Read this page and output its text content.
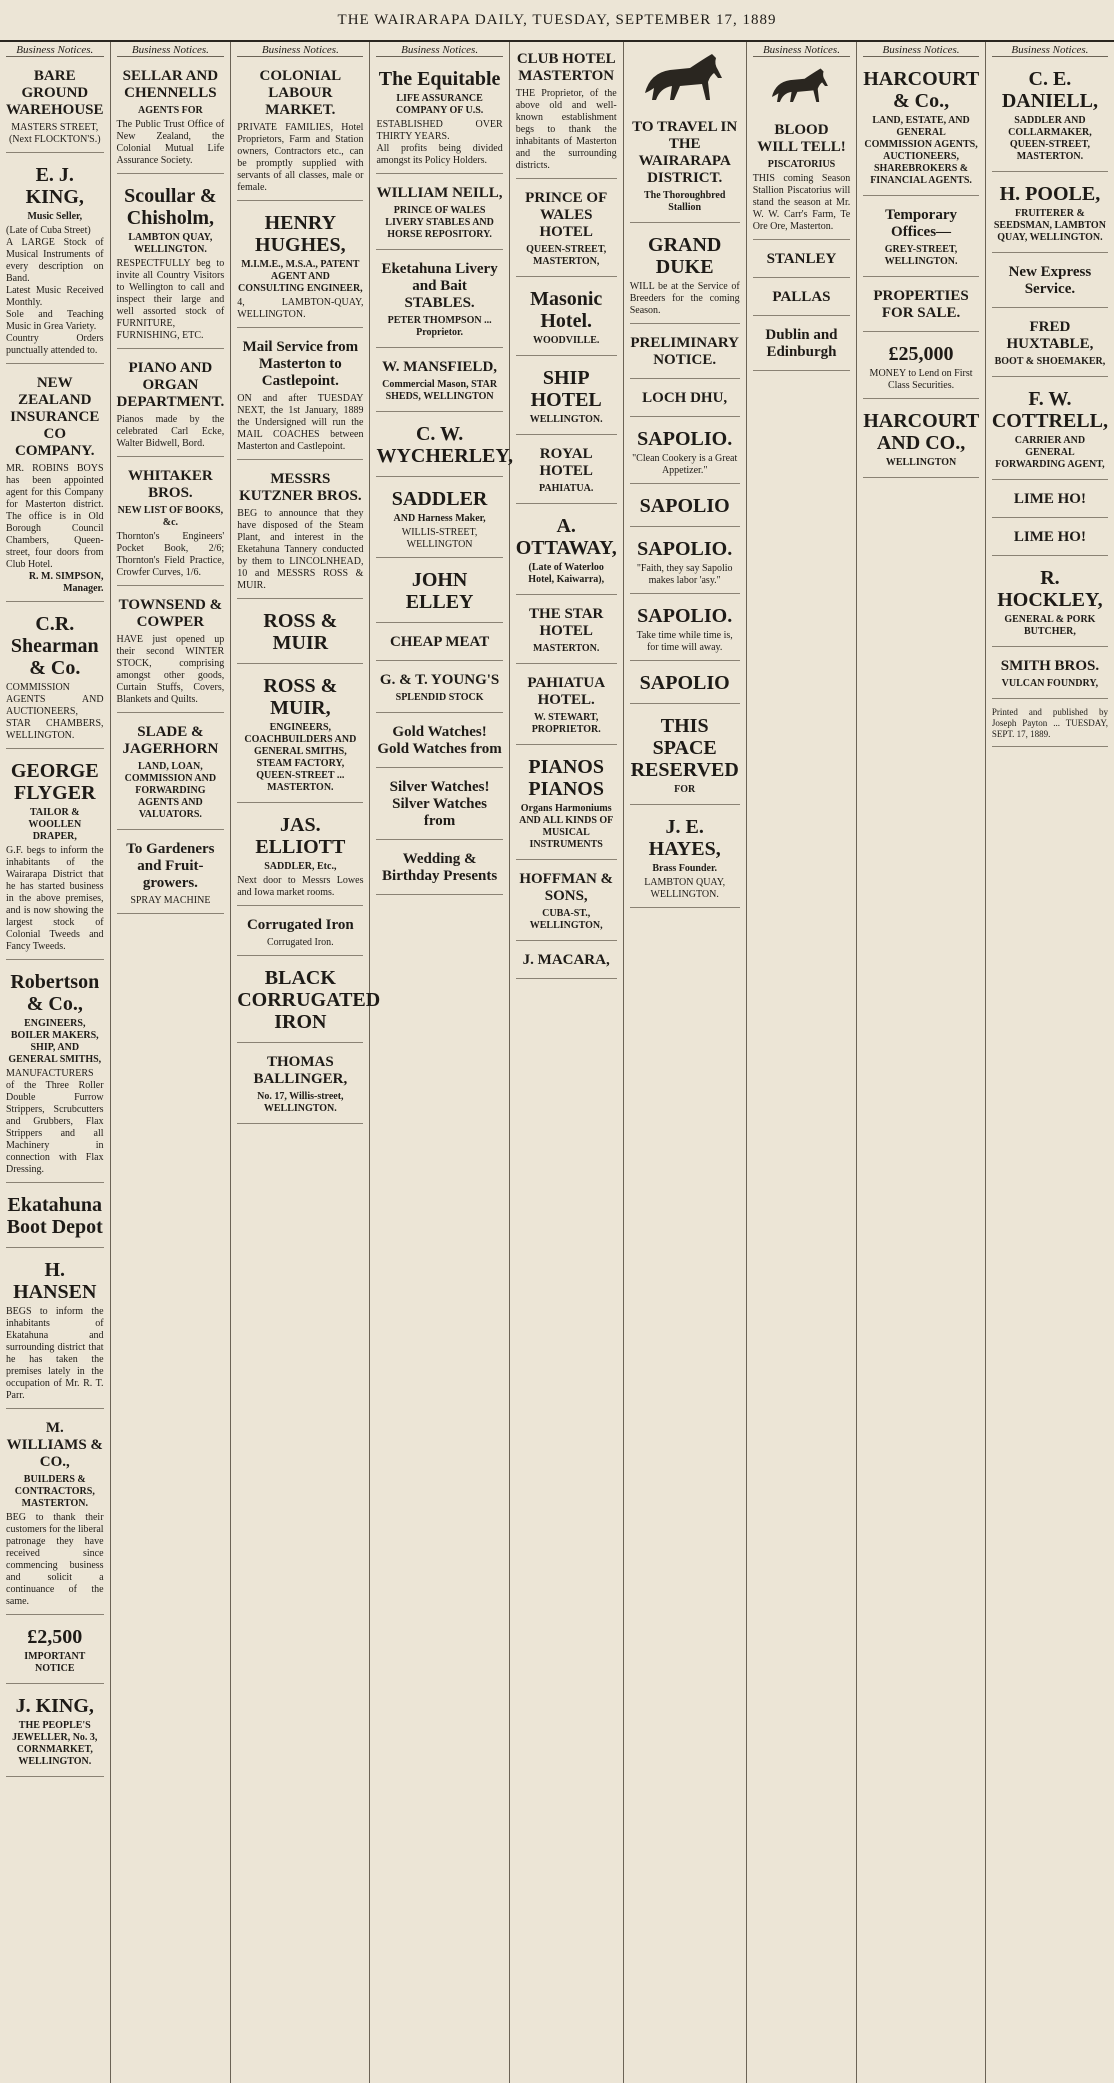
THE WAIRARAPA DAILY, TUESDAY, SEPTEMBER 17, 1889
Business Notices.
BARE GROUND WAREHOUSE
MASTERS STREET,
(Next FLOCKTON'S.)
E. J. KING,
Music Seller,
(Late of Cuba Street)
A LARGE Stock of Musical Instruments of every description on Band.
Latest Music Received Monthly.
Sole and Teaching Music in Grea Variety.
Country Orders punctually attended to.
NEW ZEALAND INSURANCE CO COMPANY.
MR. ROBINS BOYS has been appointed agent for this Company for Masterton district. The office is in Old Borough Council Chambers, Queen-street, four doors from Club Hotel.
R. M. SIMPSON, Manager.
C.R. Shearman & Co.
COMMISSION AGENTS AND AUCTIONEERS, STAR CHAMBERS, WELLINGTON.
GEORGE FLYGER
TAILOR & WOOLLEN DRAPER,
G.F. begs to inform the inhabitants of the Wairarapa District that he has started business in the above premises, and is now showing the largest stock of Colonial Tweeds and Fancy Tweeds.
Robertson & Co.,
ENGINEERS, BOILER MAKERS, SHIP, AND GENERAL SMITHS,
MANUFACTURERS of the Three Roller Double Furrow Strippers, Scrubcutters and Grubbers, Flax Strippers and all Machinery in connection with Flax Dressing.
Ekatahuna Boot Depot
H. HANSEN
BEGS to inform the inhabitants of Ekatahuna and surrounding district that he has taken the premises lately in the occupation of Mr. R. T. Parr.
M. WILLIAMS & CO.,
BUILDERS & CONTRACTORS, MASTERTON.
BEG to thank their customers for the liberal patronage they have received since commencing business and solicit a continuance of the same.
£2,500
IMPORTANT NOTICE
J. KING,
THE PEOPLE'S JEWELLER, No. 3, CORNMARKET, WELLINGTON.
Business Notices.
SELLAR AND CHENNELLS
AGENTS FOR
The Public Trust Office of New Zealand, the Colonial Mutual Life Assurance Society.
Scoullar & Chisholm,
LAMBTON QUAY, WELLINGTON.
RESPECTFULLY beg to invite all Country Visitors to Wellington to call and inspect their large and well assorted stock of FURNITURE, FURNISHING, ETC.
PIANO AND ORGAN DEPARTMENT.
Pianos made by the celebrated Carl Ecke, Walter Bidwell, Bord.
WHITAKER BROS.
NEW LIST OF BOOKS, &c.
Thornton's Engineers' Pocket Book, 2/6; Thornton's Field Practice, Crowfer Curves, 1/6.
TOWNSEND & COWPER
HAVE just opened up their second WINTER STOCK, comprising amongst other goods, Curtain Stuffs, Covers, Blankets and Quilts.
SLADE & JAGERHORN
LAND, LOAN, COMMISSION AND FORWARDING AGENTS AND VALUATORS.
To Gardeners and Fruit-growers.
SPRAY MACHINE
Business Notices.
COLONIAL LABOUR MARKET.
PRIVATE FAMILIES, Hotel Proprietors, Farm and Station owners, Contractors etc., can be promptly supplied with servants of all classes, male or female.
HENRY HUGHES,
M.I.M.E., M.S.A., PATENT AGENT AND CONSULTING ENGINEER,
4, LAMBTON-QUAY, WELLINGTON.
Mail Service from Masterton to Castlepoint.
ON and after TUESDAY NEXT, the 1st January, 1889 the Undersigned will run the MAIL COACHES between Masterton and Castlepoint.
MESSRS KUTZNER BROS.
BEG to announce that they have disposed of the Steam Plant, and interest in the Eketahuna Tannery conducted by them to LINCOLNHEAD, 10 and MESSRS ROSS & MUIR.
ROSS & MUIR
ROSS & MUIR,
ENGINEERS, COACHBUILDERS AND GENERAL SMITHS, STEAM FACTORY, QUEEN-STREET ... MASTERTON.
JAS. ELLIOTT
SADDLER, Etc.,
Next door to Messrs Lowes and Iowa market rooms.
Corrugated Iron
Corrugated Iron.
BLACK CORRUGATED IRON
THOMAS BALLINGER,
No. 17, Willis-street, WELLINGTON.
Business Notices.
The Equitable
LIFE ASSURANCE COMPANY OF U.S.
ESTABLISHED OVER THIRTY YEARS.
All profits being divided amongst its Policy Holders.
WILLIAM NEILL,
PRINCE OF WALES LIVERY STABLES AND HORSE REPOSITORY.
Eketahuna Livery and Bait STABLES.
PETER THOMPSON ... Proprietor.
W. MANSFIELD,
Commercial Mason, STAR SHEDS, WELLINGTON
C. W. WYCHERLEY,
SADDLER
AND Harness Maker,
WILLIS-STREET, WELLINGTON
JOHN ELLEY
CHEAP MEAT
G. & T. YOUNG'S
SPLENDID STOCK
Gold Watches! Gold Watches from
Silver Watches! Silver Watches from
Wedding & Birthday Presents
CLUB HOTEL MASTERTON
THE Proprietor, of the above old and well-known establishment begs to thank the inhabitants of Masterton and the surrounding districts.
PRINCE OF WALES HOTEL
QUEEN-STREET, MASTERTON,
Masonic Hotel.
WOODVILLE.
SHIP HOTEL
WELLINGTON.
ROYAL HOTEL
PAHIATUA.
A. OTTAWAY,
(Late of Waterloo Hotel, Kaiwarra),
THE STAR HOTEL
MASTERTON.
PAHIATUA HOTEL.
W. STEWART, PROPRIETOR.
PIANOS PIANOS
Organs Harmoniums AND ALL KINDS OF MUSICAL INSTRUMENTS
HOFFMAN & SONS,
CUBA-ST., WELLINGTON,
J. MACARA,
TO TRAVEL IN THE WAIRARAPA DISTRICT.
The Thoroughbred Stallion
GRAND DUKE
WILL be at the Service of Breeders for the coming Season.
PRELIMINARY NOTICE.
LOCH DHU,
SAPOLIO.
"Clean Cookery is a Great Appetizer."
SAPOLIO
SAPOLIO.
"Faith, they say Sapolio makes labor 'asy."
SAPOLIO.
Take time while time is, for time will away.
SAPOLIO
THIS SPACE RESERVED
FOR
J. E. HAYES,
Brass Founder.
LAMBTON QUAY, WELLINGTON.
Business Notices.
BLOOD WILL TELL!
PISCATORIUS
THIS coming Season Stallion Piscatorius will stand the season at Mr. W. W. Carr's Farm, Te Ore Ore, Masterton.
STANLEY
PALLAS
Dublin and Edinburgh
Business Notices.
HARCOURT & Co.,
LAND, ESTATE, AND GENERAL COMMISSION AGENTS, AUCTIONEERS, SHAREBROKERS & FINANCIAL AGENTS.
Temporary Offices—
GREY-STREET, WELLINGTON.
PROPERTIES FOR SALE.
£25,000
MONEY to Lend on First Class Securities.
HARCOURT AND CO.,
WELLINGTON
Business Notices.
C. E. DANIELL,
SADDLER AND COLLARMAKER, QUEEN-STREET, MASTERTON.
H. POOLE,
FRUITERER & SEEDSMAN, LAMBTON QUAY, WELLINGTON.
New Express Service.
FRED HUXTABLE,
BOOT & SHOEMAKER,
F. W. COTTRELL,
CARRIER AND GENERAL FORWARDING AGENT,
LIME HO!
LIME HO!
R. HOCKLEY,
GENERAL & PORK BUTCHER,
SMITH BROS.
VULCAN FOUNDRY,
Printed and published by Joseph Payton ... TUESDAY, SEPT. 17, 1889.
